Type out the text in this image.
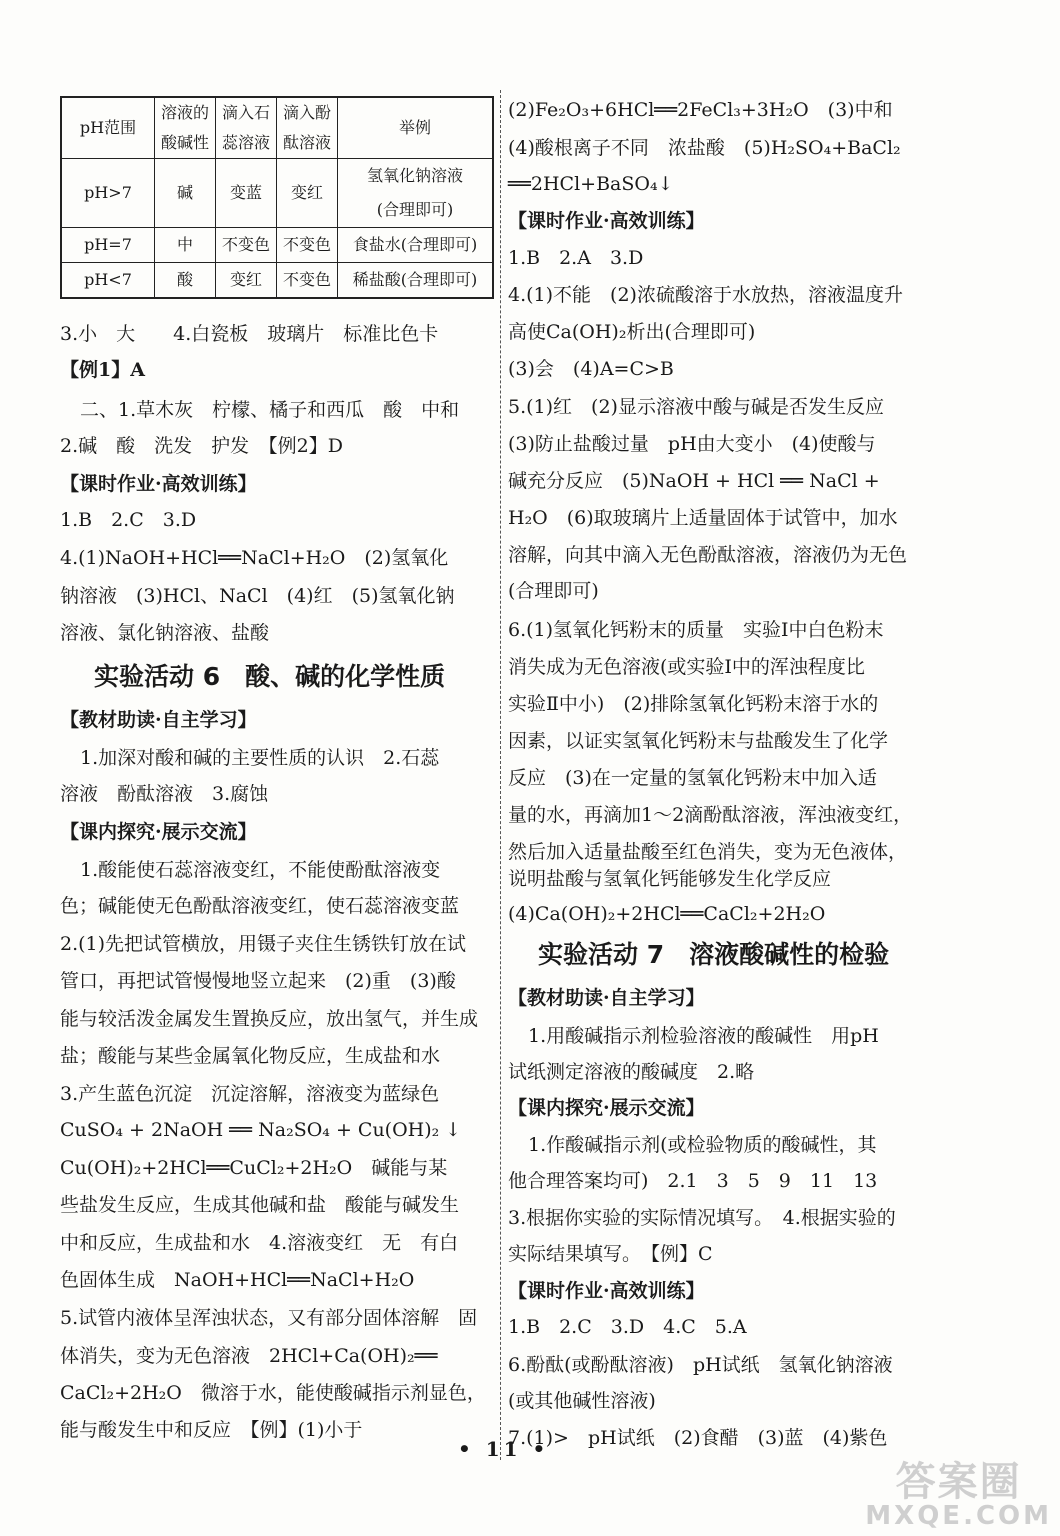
pH范围	溶液的酸碱性	滴入石蕊溶液	滴入酚酞溶液	举例
pH>7	碱	变蓝	变红	氢氧化钠溶液(合理即可)
pH=7	中	不变色	不变色	食盐水(合理即可)
pH<7	酸	变红	不变色	稀盐酸(合理即可)
3.小　大　　4.白瓷板　玻璃片　标准比色卡
【例1】A
二、1.草木灰　柠檬、橘子和西瓜　酸　中和
2.碱　酸　洗发　护发　【例2】D
【课时作业·高效训练】
1.B　2.C　3.D
4.(1)NaOH+HCl══NaCl+H₂O　(2)氢氧化
钠溶液　(3)HCl、NaCl　(4)红　(5)氢氧化钠
溶液、氯化钠溶液、盐酸
实验活动 6　酸、碱的化学性质
【教材助读·自主学习】
1.加深对酸和碱的主要性质的认识　2.石蕊
溶液　酚酞溶液　3.腐蚀
【课内探究·展示交流】
1.酸能使石蕊溶液变红，不能使酚酞溶液变
色；碱能使无色酚酞溶液变红，使石蕊溶液变蓝
2.(1)先把试管横放，用镊子夹住生锈铁钉放在试
管口，再把试管慢慢地竖立起来　(2)重　(3)酸
能与较活泼金属发生置换反应，放出氢气，并生成
盐；酸能与某些金属氧化物反应，生成盐和水
3.产生蓝色沉淀　沉淀溶解，溶液变为蓝绿色
CuSO₄ + 2NaOH ══ Na₂SO₄ + Cu(OH)₂ ↓
Cu(OH)₂+2HCl══CuCl₂+2H₂O　碱能与某
些盐发生反应，生成其他碱和盐　酸能与碱发生
中和反应，生成盐和水　4.溶液变红　无　有白
色固体生成　NaOH+HCl══NaCl+H₂O
5.试管内液体呈浑浊状态，又有部分固体溶解　固
体消失，变为无色溶液　2HCl+Ca(OH)₂══
CaCl₂+2H₂O　微溶于水，能使酸碱指示剂显色，
能与酸发生中和反应　【例】(1)小于
(2)Fe₂O₃+6HCl══2FeCl₃+3H₂O　(3)中和
(4)酸根离子不同　浓盐酸　(5)H₂SO₄+BaCl₂
══2HCl+BaSO₄↓
【课时作业·高效训练】
1.B　2.A　3.D
4.(1)不能　(2)浓硫酸溶于水放热，溶液温度升
高使Ca(OH)₂析出(合理即可)
(3)会　(4)A=C>B
5.(1)红　(2)显示溶液中酸与碱是否发生反应
(3)防止盐酸过量　pH由大变小　(4)使酸与
碱充分反应　(5)NaOH + HCl ══ NaCl +
H₂O　(6)取玻璃片上适量固体于试管中，加水
溶解，向其中滴入无色酚酞溶液，溶液仍为无色
(合理即可)
6.(1)氢氧化钙粉末的质量　实验Ⅰ中白色粉末
消失成为无色溶液(或实验Ⅰ中的浑浊程度比
实验Ⅱ中小)　(2)排除氢氧化钙粉末溶于水的
因素，以证实氢氧化钙粉末与盐酸发生了化学
反应　(3)在一定量的氢氧化钙粉末中加入适
量的水，再滴加1～2滴酚酞溶液，浑浊液变红，
然后加入适量盐酸至红色消失，变为无色液体，
说明盐酸与氢氧化钙能够发生化学反应
(4)Ca(OH)₂+2HCl══CaCl₂+2H₂O
实验活动 7　溶液酸碱性的检验
【教材助读·自主学习】
1.用酸碱指示剂检验溶液的酸碱性　用pH
试纸测定溶液的酸碱度　2.略
【课内探究·展示交流】
1.作酸碱指示剂(或检验物质的酸碱性，其
他合理答案均可)　2.1　3　5　9　11　13
3.根据你实验的实际情况填写。　4.根据实验的
实际结果填写。　【例】C
【课时作业·高效训练】
1.B　2.C　3.D　4.C　5.A
6.酚酞(或酚酞溶液)　pH试纸　氢氧化钠溶液
(或其他碱性溶液)
7.(1)>　pH试纸　(2)食醋　(3)蓝　(4)紫色
• 11 •
答案圈
MXQE.COM
